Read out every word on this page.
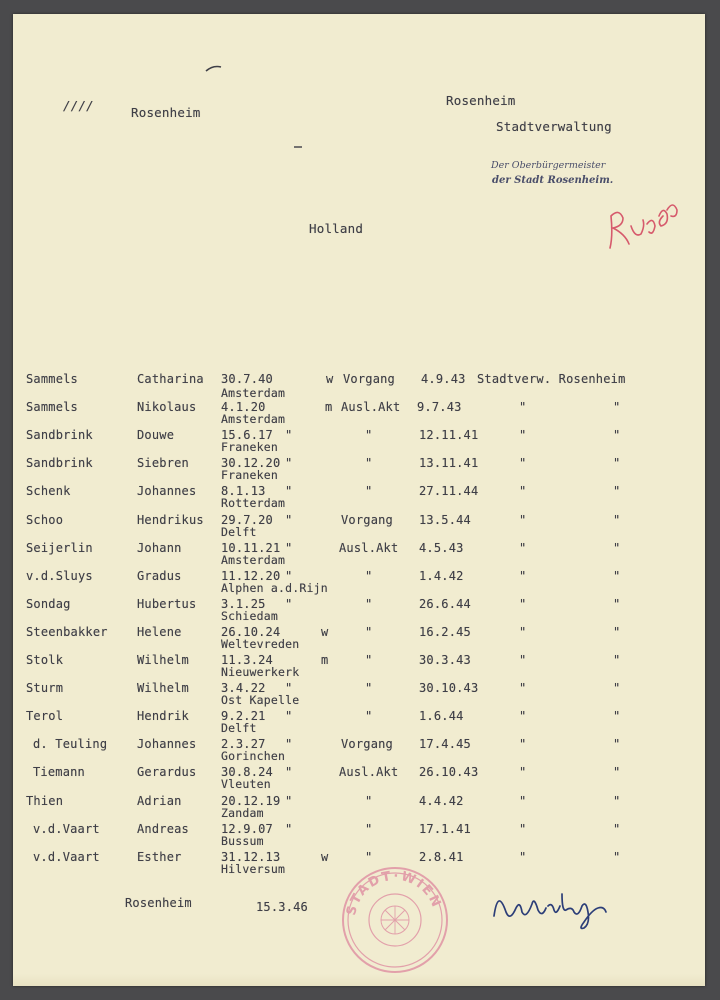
////	Rosenheim
Rosenheim
Stadtverwaltung
Der Oberbürgermeister
der Stadt Rosenheim.
Holland
Sammels	Catharina 30.7.40	w Vorgang 4.9.43 Stadtverw. Rosenheim
Amsterdam
Sammels	Nikolaus 4.1.20	m Ausl.Akt 9.7.43	"	"
Amsterdam
Sandbrink	Douwe	15.6.17 "	"	12.11.41	"	"
Franeken
Sandbrink	Siebren	30.12.20 "	"	13.11.41	"	"
Franeken
Schenk	Johannes 8.1.13 "	"	27.11.44	"	"
Rotterdam
Schoo	Hendrikus 29.7.20 "	Vorgang 13.5.44	"	"
Delft
Seijerlin	Johann	10.11.21 "	Ausl.Akt 4.5.43	"	"
Amsterdam
v.d.Sluys	Gradus	11.12.20 "	"	1.4.42	"	"
Alphen a.d.Rijn
Sondag	Hubertus 3.1.25 "	"	26.6.44	"	"
Schiedam
Steenbakker Helene	26.10.24	w	"	16.2.45	"	"
Weltevreden
Stolk	Wilhelm	11.3.24	m	"	30.3.43	"	"
Nieuwerkerk
Sturm	Wilhelm	3.4.22 "	"	30.10.43	"	"
Ost Kapelle
Terol	Hendrik	9.2.21 "	"	1.6.44	"	"
Delft
d. Teuling Johannes 2.3.27 "	Vorgang 17.4.45	"	"
Gorinchen
Tiemann	Gerardus 30.8.24 "	Ausl.Akt 26.10.43	"	"
Vleuten
Thien	Adrian	20.12.19 "	"	4.4.42	"	"
Zandam
v.d.Vaart	Andreas	12.9.07 "	"	17.1.41	"	"
Bussum
v.d.Vaart	Esther	31.12.13	w	"	2.8.41	"	"
Hilversum
Rosenheim	15.3.46	STADT·WIEN
